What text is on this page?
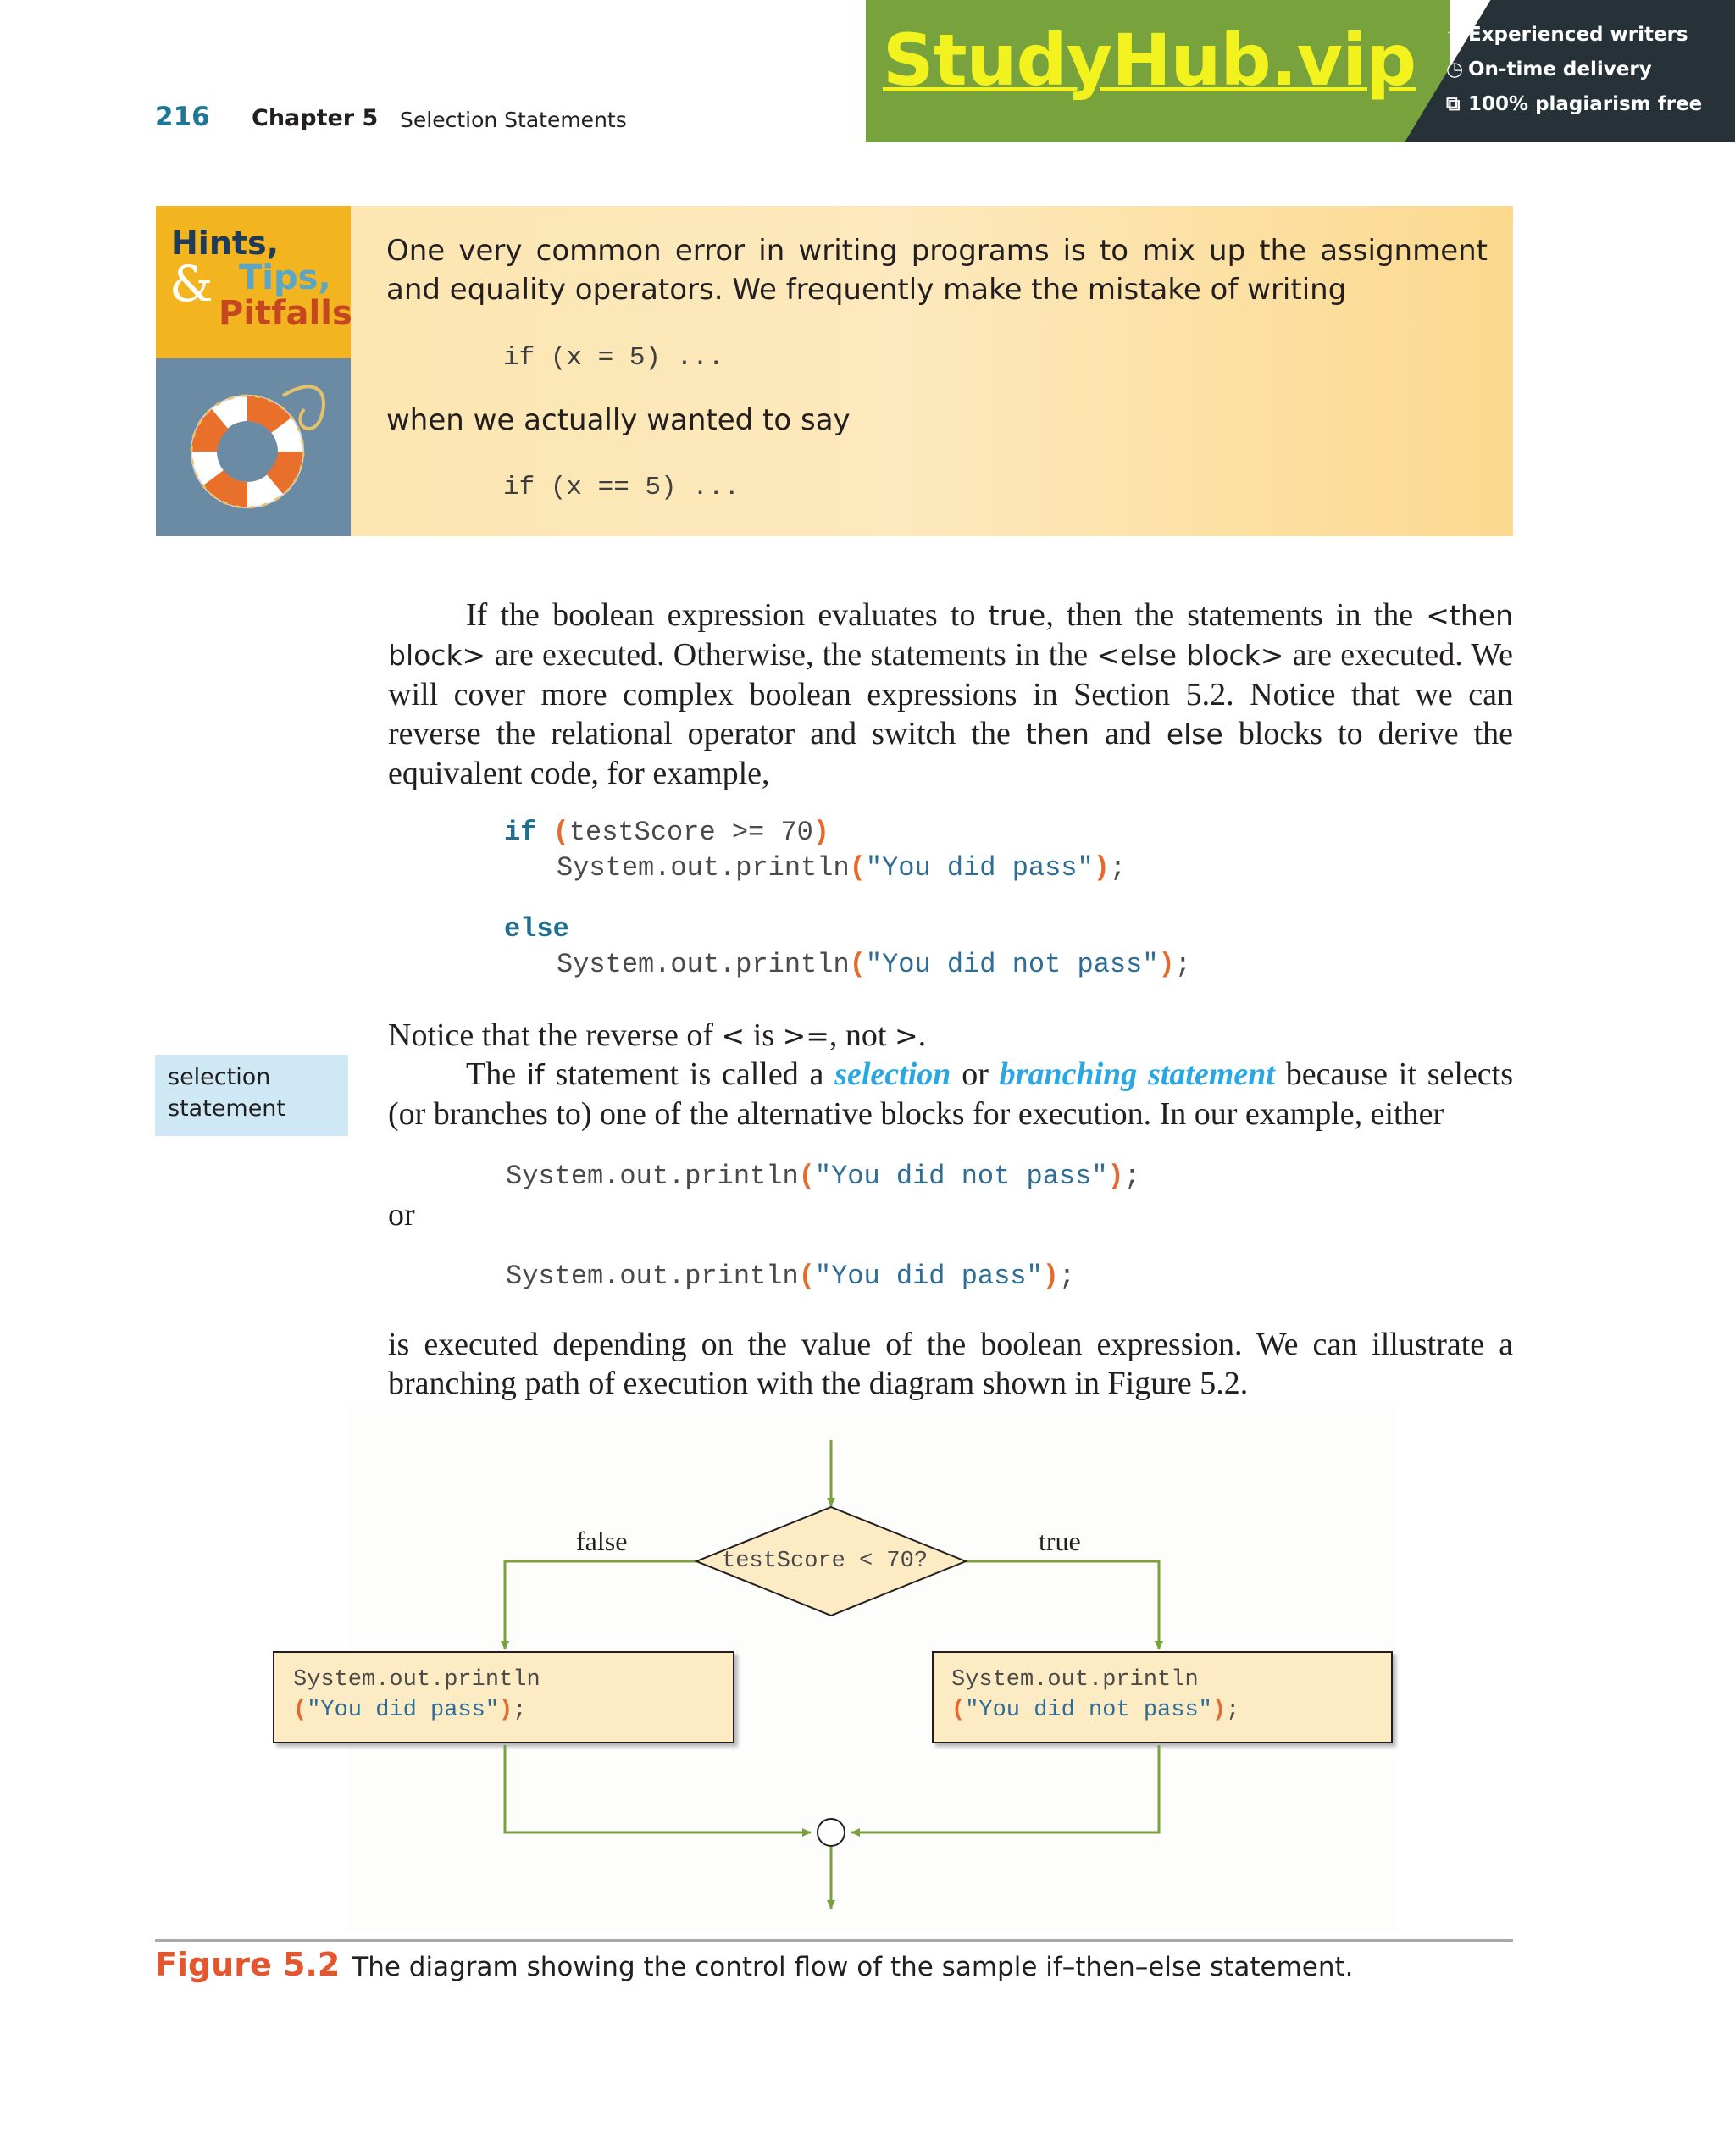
216 Chapter 5 Selection Statements
StudyHub.vip ☆ Experienced writers
◷ On-time delivery
⧉ 100% plagiarism free
Hints,
& Tips,
Pitfalls
One very common error in writing programs is to mix up the assignment and equality operators. We frequently make the mistake of writing
if (x = 5) ...
when we actually wanted to say
if (x == 5) ...
If the boolean expression evaluates to true, then the statements in the <then block> are executed. Otherwise, the statements in the <else block> are executed. We will cover more complex boolean expressions in Section 5.2. Notice that we can reverse the relational operator and switch the then and else blocks to derive the equivalent code, for example,
if (testScore >= 70)
System.out.println("You did pass");
else
System.out.println("You did not pass");
Notice that the reverse of < is >=, not >.
selection
statement
The if statement is called a selection or branching statement because it selects (or branches to) one of the alternative blocks for execution. In our example, either
System.out.println("You did not pass");
or
System.out.println("You did pass");
is executed depending on the value of the boolean expression. We can illustrate a branching path of execution with the diagram shown in Figure 5.2.
testScore < 70?
false	true
System.out.println
("You did pass");
System.out.println
("You did not pass");
Figure 5.2 The diagram showing the control flow of the sample if–then–else statement.
